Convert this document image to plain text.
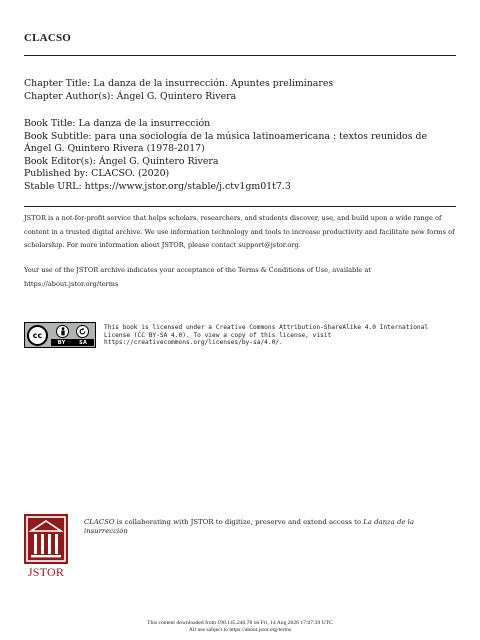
CLACSO

Chapter Title: La danza de la insurrección. Apuntes preliminares

Chapter Author(s): Ángel G. Quintero Rivera

Book Title: La danza de la insurrección

Book Subtitle: para una sociología de la música latinoamericana : textos reunidos de Ángel G. Quintero Rivera (1978-2017)

Book Editor(s): Ángel G. Quintero Rivera

Published by: CLACSO. (2020)

Stable URL: https://www.jstor.org/stable/j.ctv1gm01t7.3

JSTOR is a not-for-profit service that helps scholars, researchers, and students discover, use, and build upon a wide range of content in a trusted digital archive. We use information technology and tools to increase productivity and facilitate new forms of scholarship. For more information about JSTOR, please contact support@jstor.org.

Your use of the JSTOR archive indicates your acceptance of the Terms & Conditions of Use, available at https://about.jstor.org/terms

cc
BY	SA

This book is licensed under a Creative Commons Attribution-ShareAlike 4.0 International License (CC BY-SA 4.0). To view a copy of this license, visit https://creativecommons.org/licenses/by-sa/4.0/.

JSTOR

CLACSO is collaborating with JSTOR to digitize, preserve and extend access to La danza de la insurrección

This content downloaded from 190.145.240.78 on Fri, 14 Aug 2026 17:07:39 UTC

All use subject to https://about.jstor.org/terms
